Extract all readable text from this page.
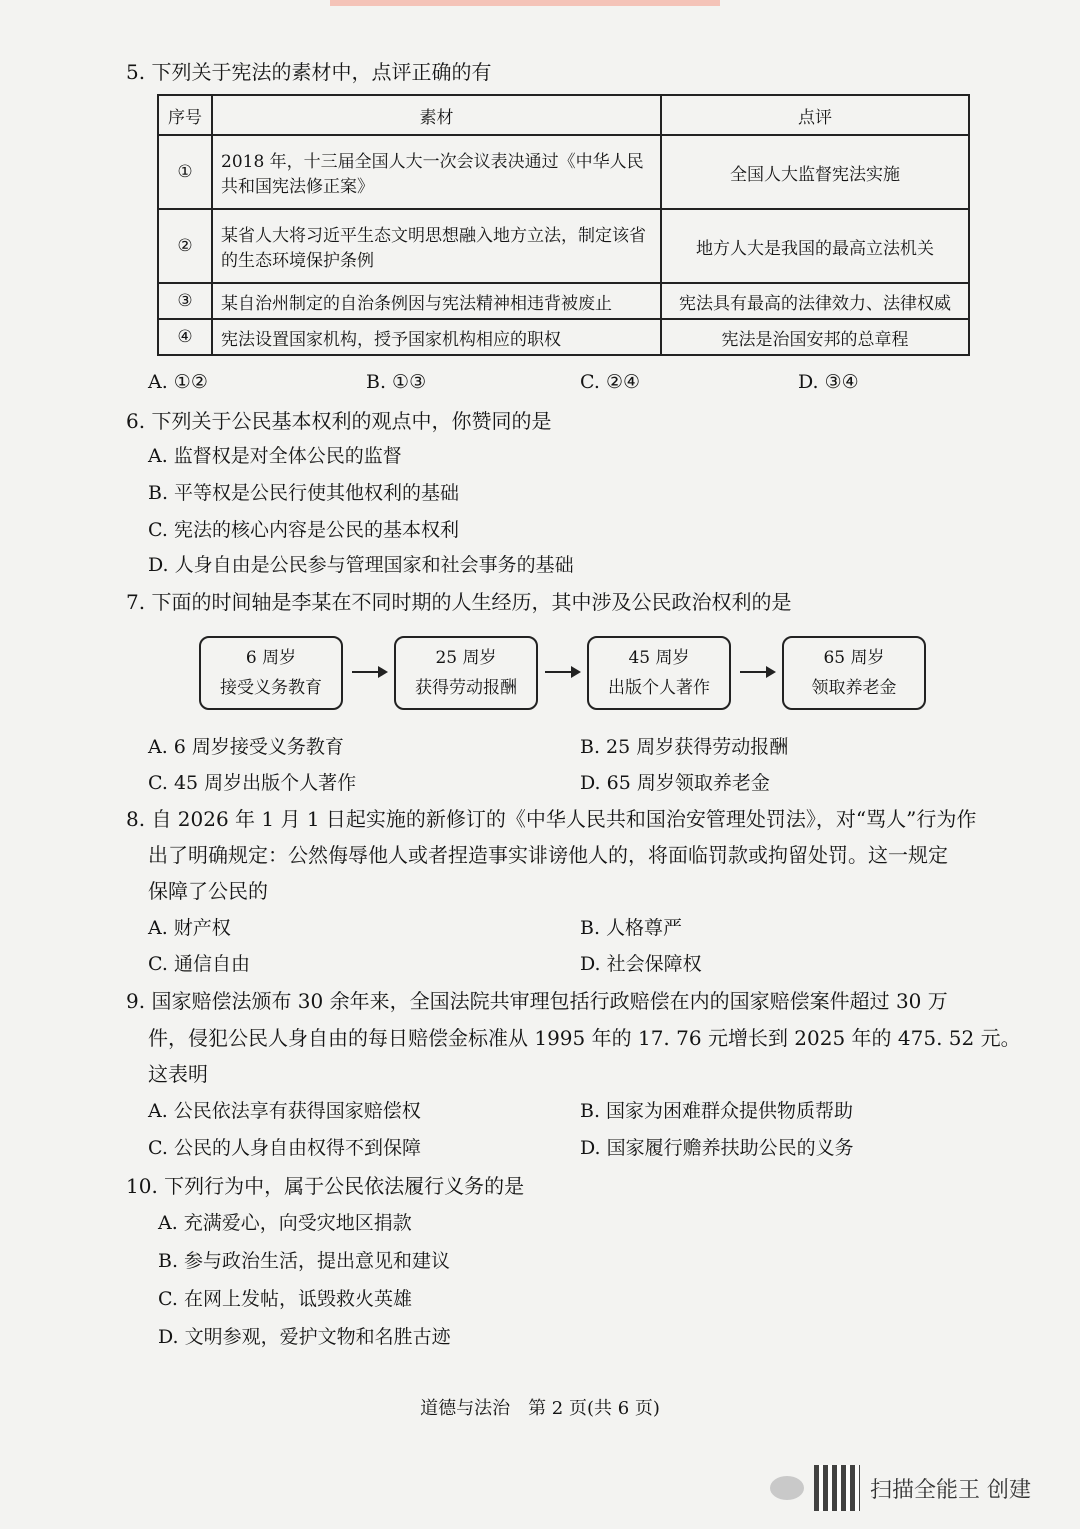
5. 下列关于宪法的素材中，点评正确的有
序号	素材	点评
①	2018 年，十三届全国人大一次会议表决通过《中华人民共和国宪法修正案》	全国人大监督宪法实施
②	某省人大将习近平生态文明思想融入地方立法，制定该省的生态环境保护条例	地方人大是我国的最高立法机关
③	某自治州制定的自治条例因与宪法精神相违背被废止	宪法具有最高的法律效力、法律权威
④	宪法设置国家机构，授予国家机构相应的职权	宪法是治国安邦的总章程
A. ①②	B. ①③	C. ②④	D. ③④
6. 下列关于公民基本权利的观点中，你赞同的是
A. 监督权是对全体公民的监督
B. 平等权是公民行使其他权利的基础
C. 宪法的核心内容是公民的基本权利
D. 人身自由是公民参与管理国家和社会事务的基础
7. 下面的时间轴是李某在不同时期的人生经历，其中涉及公民政治权利的是
6 周岁
接受义务教育
25 周岁
获得劳动报酬
45 周岁
出版个人著作
65 周岁
领取养老金
A. 6 周岁接受义务教育	B. 25 周岁获得劳动报酬
C. 45 周岁出版个人著作	D. 65 周岁领取养老金
8. 自 2026 年 1 月 1 日起实施的新修订的《中华人民共和国治安管理处罚法》，对“骂人”行为作
出了明确规定：公然侮辱他人或者捏造事实诽谤他人的，将面临罚款或拘留处罚。这一规定
保障了公民的
A. 财产权	B. 人格尊严
C. 通信自由	D. 社会保障权
9. 国家赔偿法颁布 30 余年来，全国法院共审理包括行政赔偿在内的国家赔偿案件超过 30 万
件，侵犯公民人身自由的每日赔偿金标准从 1995 年的 17. 76 元增长到 2025 年的 475. 52 元。
这表明
A. 公民依法享有获得国家赔偿权	B. 国家为困难群众提供物质帮助
C. 公民的人身自由权得不到保障	D. 国家履行赡养扶助公民的义务
10. 下列行为中，属于公民依法履行义务的是
A. 充满爱心，向受灾地区捐款
B. 参与政治生活，提出意见和建议
C. 在网上发帖，诋毁救火英雄
D. 文明参观，爱护文物和名胜古迹
道德与法治　第 2 页(共 6 页)
扫描全能王 创建
